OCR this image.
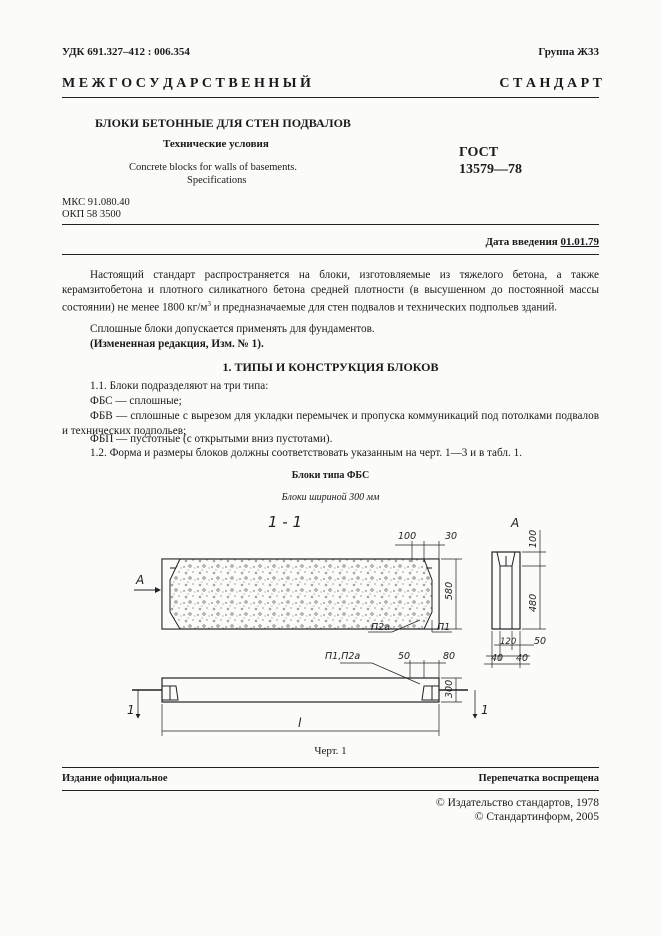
УДК 691.327–412 : 006.354	Группа Ж33
М Е Ж Г О С У Д А Р С Т В Е Н Н Ы Й	С Т А Н Д А Р Т
БЛОКИ БЕТОННЫЕ ДЛЯ СТЕН ПОДВАЛОВ
Технические условия
Concrete blocks for walls of basements.
Specifications
ГОСТ
13579—78
МКС 91.080.40
ОКП 58 3500
Дата введения 01.01.79
Настоящий стандарт распространяется на блоки, изготовляемые из тяжелого бетона, а также керамзитобетона и плотного силикатного бетона средней плотности (в высушенном до постоянной массы состоянии) не менее 1800 $кг/м^3$ и предназначаемые для стен подвалов и технических подпольев зданий.
Сплошные блоки допускается применять для фундаментов.
(Измененная редакция, Изм. № 1).
1. ТИПЫ И КОНСТРУКЦИЯ БЛОКОВ
1.1. Блоки подразделяют на три типа:
ФБС — сплошные;
ФБВ — сплошные с вырезом для укладки перемычек и пропуска коммуникаций под потолками подвалов и технических подпольев;
ФБП — пустотные (с открытыми вниз пустотами).
1.2. Форма и размеры блоков должны соответствовать указанным на черт. 1—3 и в табл. 1.
Блоки типа ФБС
Блоки шириной 300 мм
1 - 1
A
100	30
580
П2а	П1
П1,П2а	50	80
300
l
1	1
A
100
480
120 50
40 40
Черт. 1
Издание официальное	Перепечатка воспрещена
© Издательство стандартов, 1978
© Стандартинформ, 2005
